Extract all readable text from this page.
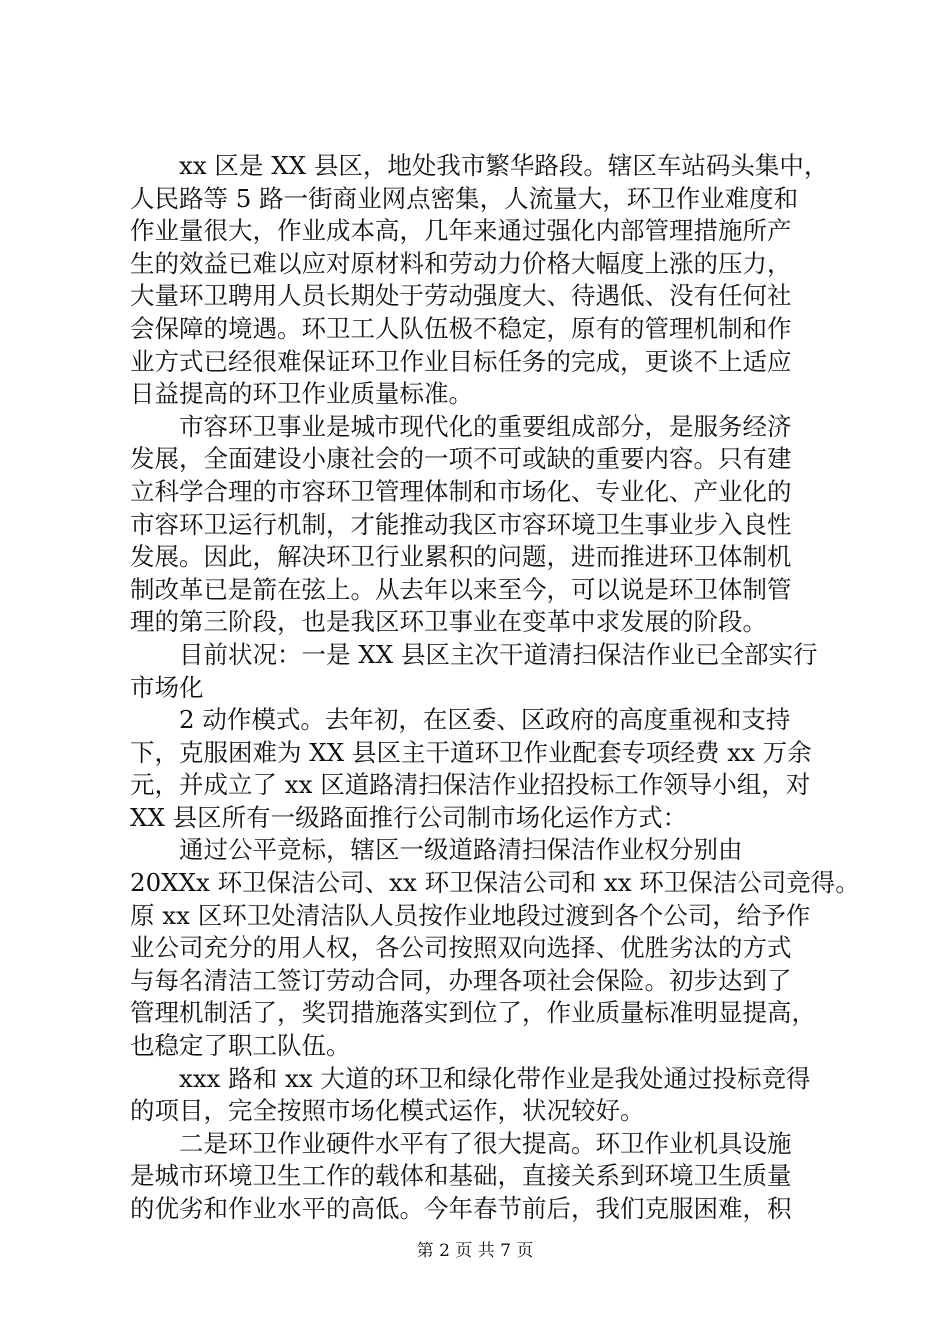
　　xx 区是 XX 县区，地处我市繁华路段。辖区车站码头集中，
人民路等 5 路一街商业网点密集，人流量大，环卫作业难度和
作业量很大，作业成本高，几年来通过强化内部管理措施所产
生的效益已难以应对原材料和劳动力价格大幅度上涨的压力，
大量环卫聘用人员长期处于劳动强度大、待遇低、没有任何社
会保障的境遇。环卫工人队伍极不稳定，原有的管理机制和作
业方式已经很难保证环卫作业目标任务的完成，更谈不上适应
日益提高的环卫作业质量标准。
　　市容环卫事业是城市现代化的重要组成部分，是服务经济
发展，全面建设小康社会的一项不可或缺的重要内容。只有建
立科学合理的市容环卫管理体制和市场化、专业化、产业化的
市容环卫运行机制，才能推动我区市容环境卫生事业步入良性
发展。因此，解决环卫行业累积的问题，进而推进环卫体制机
制改革已是箭在弦上。从去年以来至今，可以说是环卫体制管
理的第三阶段，也是我区环卫事业在变革中求发展的阶段。
　　目前状况：一是 XX 县区主次干道清扫保洁作业已全部实行
市场化
　　2 动作模式。去年初，在区委、区政府的高度重视和支持
下，克服困难为 XX 县区主干道环卫作业配套专项经费 xx 万余
元，并成立了 xx 区道路清扫保洁作业招投标工作领导小组，对
XX 县区所有一级路面推行公司制市场化运作方式：
　　通过公平竞标，辖区一级道路清扫保洁作业权分别由
20XXx 环卫保洁公司、xx 环卫保洁公司和 xx 环卫保洁公司竞得。
原 xx 区环卫处清洁队人员按作业地段过渡到各个公司，给予作
业公司充分的用人权，各公司按照双向选择、优胜劣汰的方式
与每名清洁工签订劳动合同，办理各项社会保险。初步达到了
管理机制活了，奖罚措施落实到位了，作业质量标准明显提高，
也稳定了职工队伍。
　　xxx 路和 xx 大道的环卫和绿化带作业是我处通过投标竞得
的项目，完全按照市场化模式运作，状况较好。
　　二是环卫作业硬件水平有了很大提高。环卫作业机具设施
是城市环境卫生工作的载体和基础，直接关系到环境卫生质量
的优劣和作业水平的高低。今年春节前后，我们克服困难，积
第 2 页 共 7 页
